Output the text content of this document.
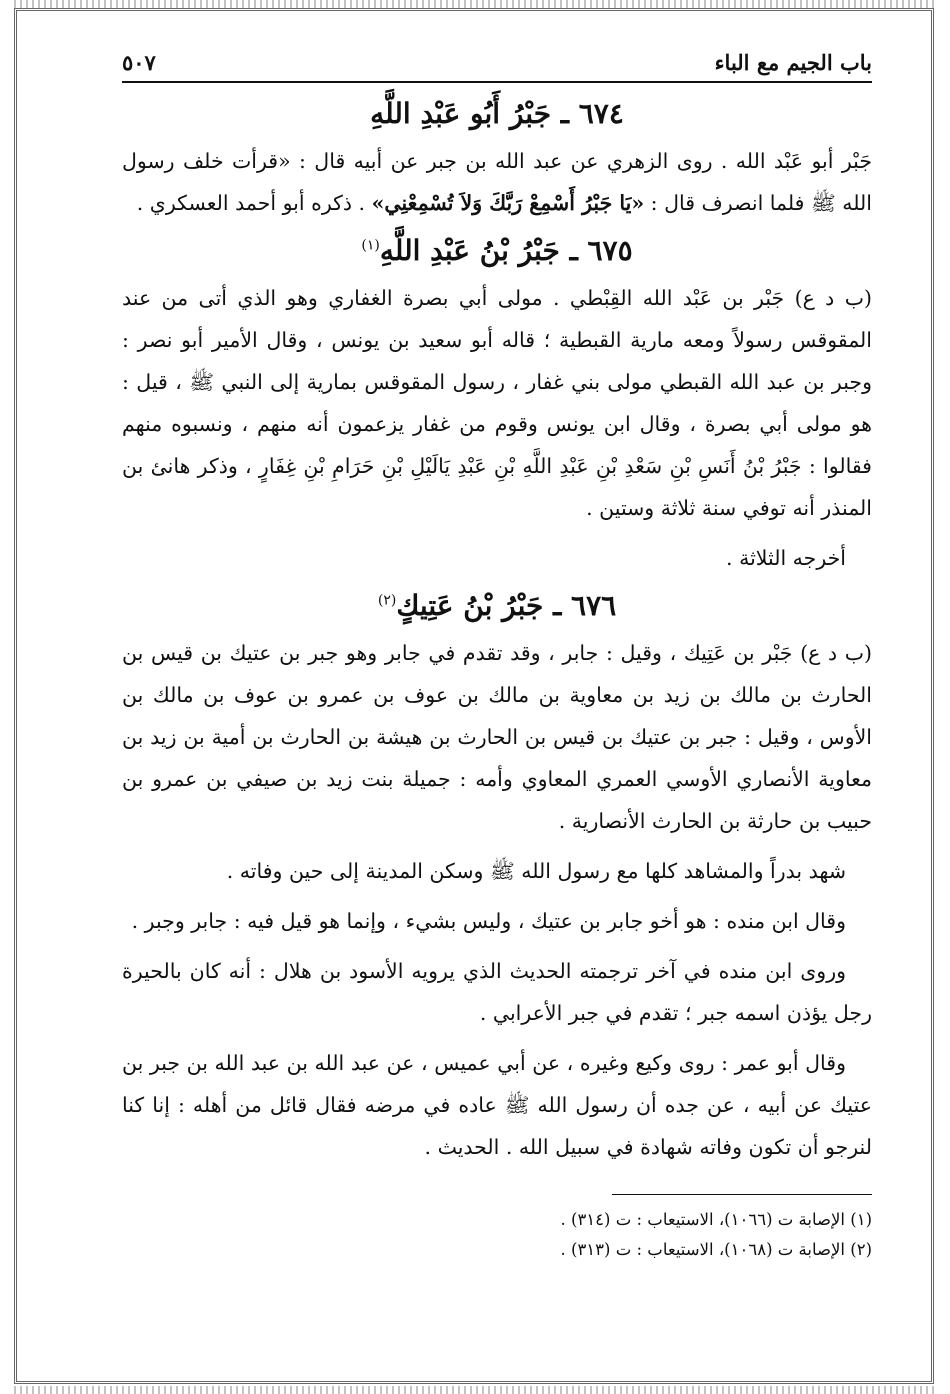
باب الجيم مع الباء
٥٠٧
٦٧٤ ـ جَبْرُ أَبُو عَبْدِ اللَّهِ

جَبْر أبو عَبْد الله . روى الزهري عن عبد الله بن جبر عن أبيه قال : «قرأت خلف رسول الله ﷺ فلما انصرف قال : «يَا جَبْرُ أَسْمِعْ رَبَّكَ وَلاَ تُسْمِعْنِي» . ذكره أبو أحمد العسكري .

٦٧٥ ـ جَبْرُ بْنُ عَبْدِ اللَّهِ$^{(١)}$

(ب د ع) جَبْر بن عَبْد الله القِبْطي . مولى أبي بصرة الغفاري وهو الذي أتى من عند المقوقس رسولاً ومعه مارية القبطية ؛ قاله أبو سعيد بن يونس ، وقال الأمير أبو نصر : وجبر بن عبد الله القبطي مولى بني غفار ، رسول المقوقس بمارية إلى النبي ﷺ ، قيل : هو مولى أبي بصرة ، وقال ابن يونس وقوم من غفار يزعمون أنه منهم ، ونسبوه منهم فقالوا : جَبْرُ بْنُ أَنَسِ بْنِ سَعْدِ بْنِ عَبْدِ اللَّهِ بْنِ عَبْدِ يَالَيْلِ بْنِ حَرَامِ بْنِ غِفَارٍ ، وذكر هانئ بن المنذر أنه توفي سنة ثلاثة وستين .

أخرجه الثلاثة .

٦٧٦ ـ جَبْرُ بْنُ عَتِيكٍ$^{(٢)}$

(ب د ع) جَبْر بن عَتِيك ، وقيل : جابر ، وقد تقدم في جابر وهو جبر بن عتيك بن قيس بن الحارث بن مالك بن زيد بن معاوية بن مالك بن عوف بن عمرو بن عوف بن مالك بن الأوس ، وقيل : جبر بن عتيك بن قيس بن الحارث بن هيشة بن الحارث بن أمية بن زيد بن معاوية الأنصاري الأوسي العمري المعاوي وأمه : جميلة بنت زيد بن صيفي بن عمرو بن حبيب بن حارثة بن الحارث الأنصارية .

شهد بدراً والمشاهد كلها مع رسول الله ﷺ وسكن المدينة إلى حين وفاته .

وقال ابن منده : هو أخو جابر بن عتيك ، وليس بشيء ، وإنما هو قيل فيه : جابر وجبر .

وروى ابن منده في آخر ترجمته الحديث الذي يرويه الأسود بن هلال : أنه كان بالحيرة رجل يؤذن اسمه جبر ؛ تقدم في جبر الأعرابي .

وقال أبو عمر : روى وكيع وغيره ، عن أبي عميس ، عن عبد الله بن عبد الله بن جبر بن عتيك عن أبيه ، عن جده أن رسول الله ﷺ عاده في مرضه فقال قائل من أهله : إنا كنا لنرجو أن تكون وفاته شهادة في سبيل الله . الحديث .

(١) الإصابة ت (١٠٦٦)، الاستيعاب : ت (٣١٤) .

(٢) الإصابة ت (١٠٦٨)، الاستيعاب : ت (٣١٣) .
